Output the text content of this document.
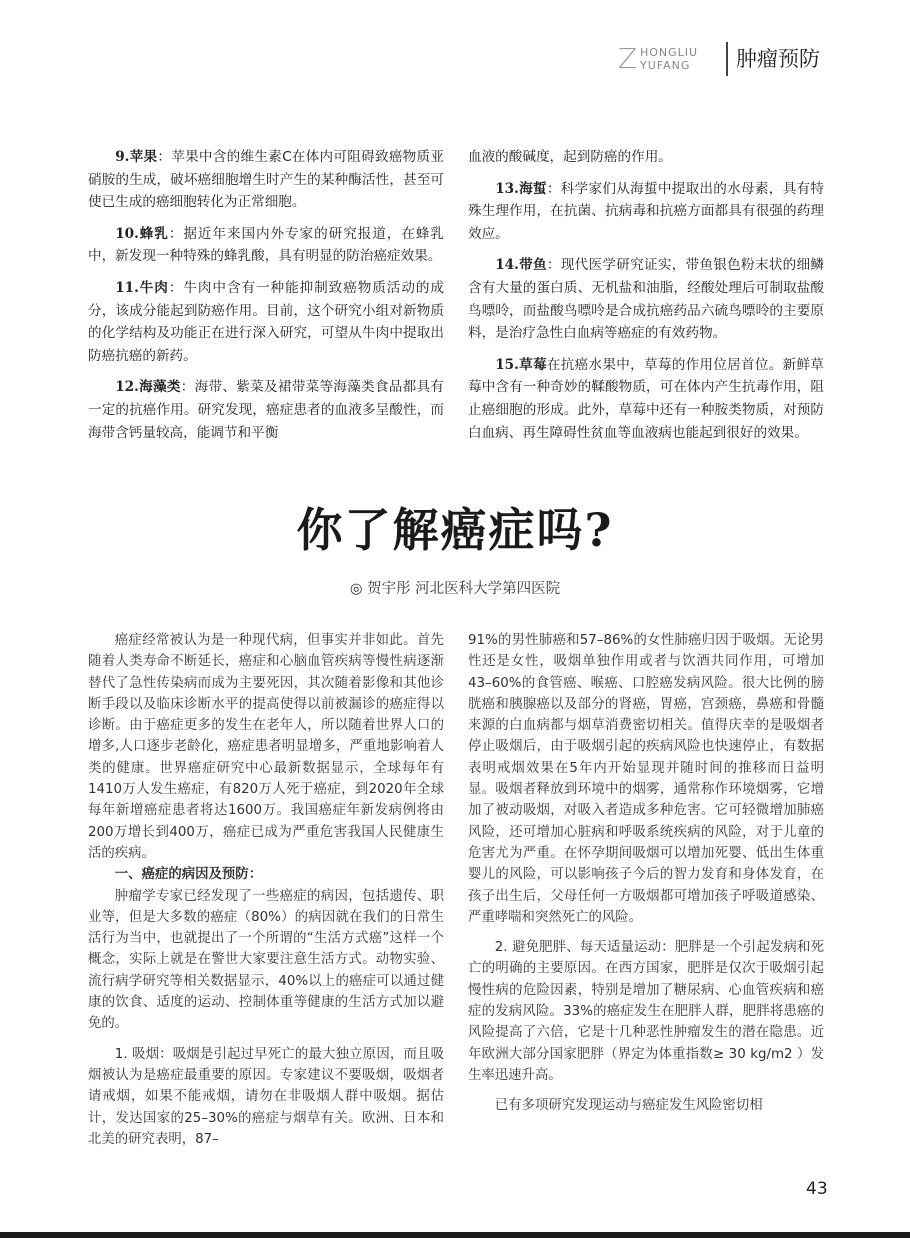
Z HONGLIU
YUFANG 肿瘤预防

9.苹果：苹果中含的维生素C在体内可阻碍致癌物质亚硝胺的生成，破坏癌细胞增生时产生的某种酶活性，甚至可使已生成的癌细胞转化为正常细胞。

10.蜂乳：据近年来国内外专家的研究报道，在蜂乳中，新发现一种特殊的蜂乳酸，具有明显的防治癌症效果。

11.牛肉：牛肉中含有一种能抑制致癌物质活动的成分，该成分能起到防癌作用。目前，这个研究小组对新物质的化学结构及功能正在进行深入研究，可望从牛肉中提取出防癌抗癌的新药。

12.海藻类：海带、紫菜及裙带菜等海藻类食品都具有一定的抗癌作用。研究发现，癌症患者的血液多呈酸性，而海带含钙量较高，能调节和平衡

血液的酸碱度，起到防癌的作用。

13.海蜇：科学家们从海蜇中提取出的水母素，具有特殊生理作用，在抗菌、抗病毒和抗癌方面都具有很强的药理效应。

14.带鱼：现代医学研究证实，带鱼银色粉末状的细鳞含有大量的蛋白质、无机盐和油脂，经酸处理后可制取盐酸鸟嘌呤，而盐酸鸟嘌呤是合成抗癌药品六硫鸟嘌呤的主要原料，是治疗急性白血病等癌症的有效药物。

15.草莓在抗癌水果中，草莓的作用位居首位。新鲜草莓中含有一种奇妙的鞣酸物质，可在体内产生抗毒作用，阻止癌细胞的形成。此外，草莓中还有一种胺类物质，对预防白血病、再生障碍性贫血等血液病也能起到很好的效果。

你了解癌症吗?
◎ 贺宇彤 河北医科大学第四医院

癌症经常被认为是一种现代病，但事实并非如此。首先随着人类寿命不断延长，癌症和心脑血管疾病等慢性病逐渐替代了急性传染病而成为主要死因，其次随着影像和其他诊断手段以及临床诊断水平的提高使得以前被漏诊的癌症得以诊断。由于癌症更多的发生在老年人，所以随着世界人口的增多,人口逐步老龄化，癌症患者明显增多，严重地影响着人类的健康。世界癌症研究中心最新数据显示，全球每年有1410万人发生癌症，有820万人死于癌症，到2020年全球每年新增癌症患者将达1600万。我国癌症年新发病例将由200万增长到400万，癌症已成为严重危害我国人民健康生活的疾病。

一、癌症的病因及预防：

肿瘤学专家已经发现了一些癌症的病因，包括遗传、职业等，但是大多数的癌症（80%）的病因就在我们的日常生活行为当中，也就提出了一个所谓的“生活方式癌”这样一个概念，实际上就是在警世大家要注意生活方式。动物实验、流行病学研究等相关数据显示，40%以上的癌症可以通过健康的饮食、适度的运动、控制体重等健康的生活方式加以避免的。

1. 吸烟：吸烟是引起过早死亡的最大独立原因，而且吸烟被认为是癌症最重要的原因。专家建议不要吸烟，吸烟者请戒烟，如果不能戒烟，请勿在非吸烟人群中吸烟。据估计，发达国家的25–30%的癌症与烟草有关。欧洲、日本和北美的研究表明，87–

91%的男性肺癌和57–86%的女性肺癌归因于吸烟。无论男性还是女性，吸烟单独作用或者与饮酒共同作用，可增加43–60%的食管癌、喉癌、口腔癌发病风险。很大比例的膀胱癌和胰腺癌以及部分的肾癌，胃癌，宫颈癌，鼻癌和骨髓来源的白血病都与烟草消费密切相关。值得庆幸的是吸烟者停止吸烟后，由于吸烟引起的疾病风险也快速停止，有数据表明戒烟效果在5年内开始显现并随时间的推移而日益明显。吸烟者释放到环境中的烟雾，通常称作环境烟雾，它增加了被动吸烟，对吸入者造成多种危害。它可轻微增加肺癌风险，还可增加心脏病和呼吸系统疾病的风险，对于儿童的危害尤为严重。在怀孕期间吸烟可以增加死婴、低出生体重婴儿的风险，可以影响孩子今后的智力发育和身体发育，在孩子出生后，父母任何一方吸烟都可增加孩子呼吸道感染、严重哮喘和突然死亡的风险。

2. 避免肥胖、每天适量运动：肥胖是一个引起发病和死亡的明确的主要原因。在西方国家，肥胖是仅次于吸烟引起慢性病的危险因素，特别是增加了糖尿病、心血管疾病和癌症的发病风险。33%的癌症发生在肥胖人群，肥胖将患癌的风险提高了六倍，它是十几种恶性肿瘤发生的潜在隐患。近年欧洲大部分国家肥胖（界定为体重指数≥ 30 kg/m2 ）发生率迅速升高。

已有多项研究发现运动与癌症发生风险密切相

43
